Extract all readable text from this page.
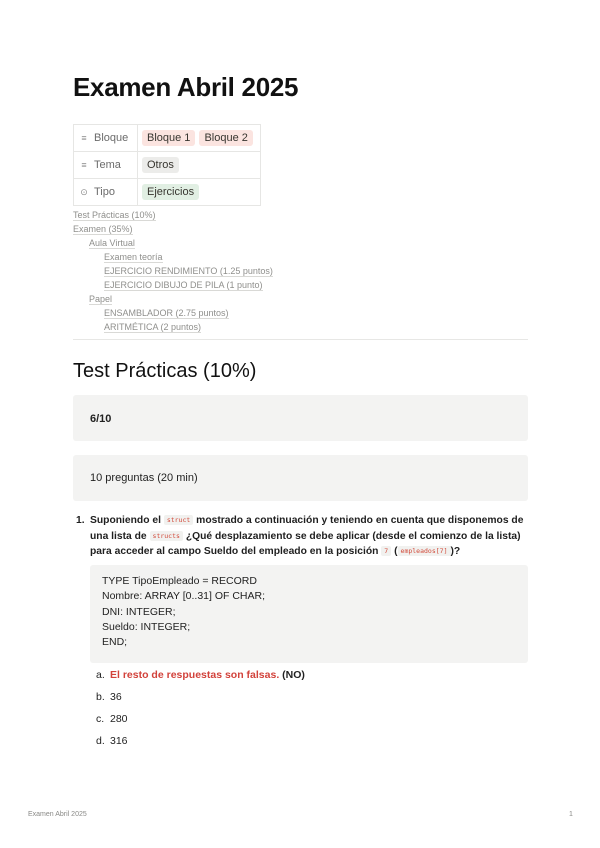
Examen Abril 2025
≡ Bloque	Bloque 1 Bloque 2
≡ Tema	Otros
⊙ Tipo	Ejercicios
Test Prácticas (10%)
Examen (35%)
Aula Virtual
Examen teoría
EJERCICIO RENDIMIENTO (1.25 puntos)
EJERCICIO DIBUJO DE PILA (1 punto)
Papel
ENSAMBLADOR (2.75 puntos)
ARITMÉTICA (2 puntos)
Test Prácticas (10%)
6/10
10 preguntas (20 min)
1. Suponiendo el struct mostrado a continuación y teniendo en cuenta que disponemos de una lista de structs ¿Qué desplazamiento se debe aplicar (desde el comienzo de la lista) para acceder al campo Sueldo del empleado en la posición 7 ( empleados[7] )?
TYPE TipoEmpleado = RECORD
Nombre: ARRAY [0..31] OF CHAR;
DNI: INTEGER;
Sueldo: INTEGER;
END;
a. El resto de respuestas son falsas. (NO)
b. 36
c. 280
d. 316
Examen Abril 2025	1
